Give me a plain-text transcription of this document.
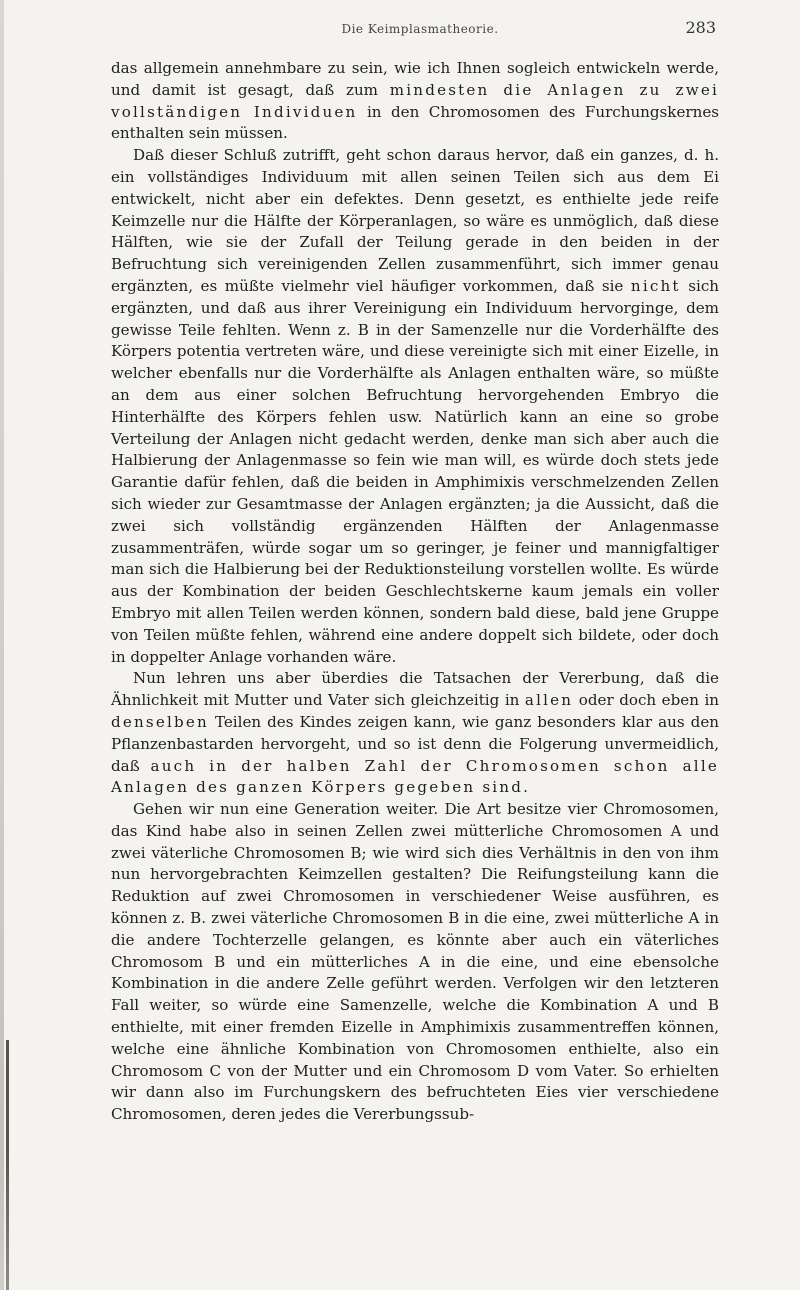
Die Keimplasmatheorie.	283

das allgemein annehmbare zu sein, wie ich Ihnen sogleich entwickeln werde, und damit ist gesagt, daß zum mindesten die Anlagen zu zwei vollständigen Individuen in den Chromosomen des Furchungskernes enthalten sein müssen.

Daß dieser Schluß zutrifft, geht schon daraus hervor, daß ein ganzes, d. h. ein vollständiges Individuum mit allen seinen Teilen sich aus dem Ei entwickelt, nicht aber ein defektes. Denn gesetzt, es enthielte jede reife Keimzelle nur die Hälfte der Körperanlagen, so wäre es unmöglich, daß diese Hälften, wie sie der Zufall der Teilung gerade in den beiden in der Befruchtung sich vereinigenden Zellen zusammenführt, sich immer genau ergänzten, es müßte vielmehr viel häufiger vorkommen, daß sie nicht sich ergänzten, und daß aus ihrer Vereinigung ein Individuum hervorginge, dem gewisse Teile fehlten. Wenn z. B in der Samenzelle nur die Vorderhälfte des Körpers potentia vertreten wäre, und diese vereinigte sich mit einer Eizelle, in welcher ebenfalls nur die Vorderhälfte als Anlagen enthalten wäre, so müßte an dem aus einer solchen Befruchtung hervorgehenden Embryo die Hinterhälfte des Körpers fehlen usw. Natürlich kann an eine so grobe Verteilung der Anlagen nicht gedacht werden, denke man sich aber auch die Halbierung der Anlagenmasse so fein wie man will, es würde doch stets jede Garantie dafür fehlen, daß die beiden in Amphimixis verschmelzenden Zellen sich wieder zur Gesamtmasse der Anlagen ergänzten; ja die Aussicht, daß die zwei sich vollständig ergänzenden Hälften der Anlagenmasse zusammenträfen, würde sogar um so geringer, je feiner und mannigfaltiger man sich die Halbierung bei der Reduktionsteilung vorstellen wollte. Es würde aus der Kombination der beiden Geschlechtskerne kaum jemals ein voller Embryo mit allen Teilen werden können, sondern bald diese, bald jene Gruppe von Teilen müßte fehlen, während eine andere doppelt sich bildete, oder doch in doppelter Anlage vorhanden wäre.

Nun lehren uns aber überdies die Tatsachen der Vererbung, daß die Ähnlichkeit mit Mutter und Vater sich gleichzeitig in allen oder doch eben in denselben Teilen des Kindes zeigen kann, wie ganz besonders klar aus den Pflanzenbastarden hervorgeht, und so ist denn die Folgerung unvermeidlich, daß auch in der halben Zahl der Chromosomen schon alle Anlagen des ganzen Körpers gegeben sind.

Gehen wir nun eine Generation weiter. Die Art besitze vier Chromosomen, das Kind habe also in seinen Zellen zwei mütterliche Chromosomen A und zwei väterliche Chromosomen B; wie wird sich dies Verhältnis in den von ihm nun hervorgebrachten Keimzellen gestalten? Die Reifungsteilung kann die Reduktion auf zwei Chromosomen in verschiedener Weise ausführen, es können z. B. zwei väterliche Chromosomen B in die eine, zwei mütterliche A in die andere Tochterzelle gelangen, es könnte aber auch ein väterliches Chromosom B und ein mütterliches A in die eine, und eine ebensolche Kombination in die andere Zelle geführt werden. Verfolgen wir den letzteren Fall weiter, so würde eine Samenzelle, welche die Kombination A und B enthielte, mit einer fremden Eizelle in Amphimixis zusammentreffen können, welche eine ähnliche Kombination von Chromosomen enthielte, also ein Chromosom C von der Mutter und ein Chromosom D vom Vater. So erhielten wir dann also im Furchungskern des befruchteten Eies vier verschiedene Chromosomen, deren jedes die Vererbungssub-
